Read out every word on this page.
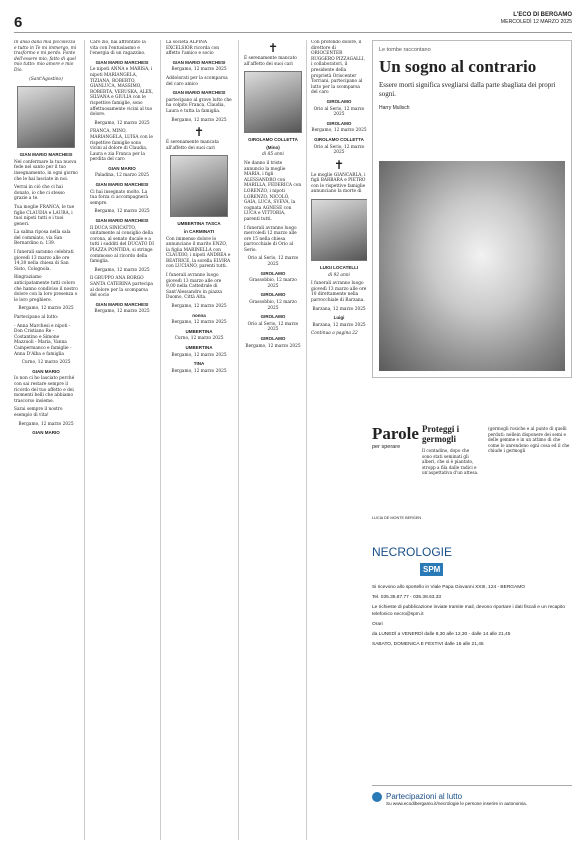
6	L'ECO DI BERGAMO
MERCOLEDÌ 12 MARZO 2025

In ansa dalla mia piccolezza e tutto in Te mi immergo, mi trasformo e mi perdo. Fonte dell'essere mio, fatto di quel mio tutto: mio amore e mio Dio.

(Sant'Agostino)

GIAN MARIO MARCHESI

Nel confermare la tua nuova fede nel santo per il tuo insegnamento, in ogni giorno che le hai lasciate in noi.

Verrai in ciò che ci hai donato, io che ci stesso grazie a te.

Tua moglie FRANCA, le tue figlie CLAUDIA e LAURA, i tuoi nipoti tutti e i tuoi generi.

La salma riposa nella sala del commiato, via San Bernardino n. 139.

I funerali saranno celebrati giovedì 13 marzo alle ore 14,30 nella chiesa di San Sisto, Colognola.

Ringraziamo anticipatamente tutti coloro che hanno condiviso il nostro dolore con la loro presenza o le loro preghiere.

Bergamo, 12 marzo 2025

Partecipano al lutto:

- Anna Marchesi e nipoti - Don Cristiano Re - Costantino e Simone Mazzuoli - Maria, Vanna Campermanco e famiglie - Anna D'Alba e famiglia

Curno, 12 marzo 2025

GIAN MARIO

Io non ci ho lasciato perché con sai restare sempre il ricordo del tuo affetto e dei momenti belli che abbiamo trascorso insieme.

Sarai sempre il nostro esempio di vita!

Bergamo, 12 marzo 2025

GIAN MARIO

Caro zio, hai affrontato la vita con l'entusiasmo e l'energia di un ragazzino.

GIAN MARIO MARCHESI

Le nipoti ANNA e MARISA, i nipoti MARIANGELA, TIZIANA, ROBERTO, GIANLUCA, MASSIMO, ROBERTA, VERUSKA, ALEX, SILVANA e GIULIA con le rispettive famiglie, sono affettuosamente vicini al tuo dolore.

Bergamo, 12 marzo 2025

FRANCA, MINO, MARIANGELA, LUISA con le rispettive famiglie sono vicini al dolore di Claudia, Laura e zia Franca per la perdita del caro

GIAN MARIO

Paladina, 12 marzo 2025

GIAN MARIO MARCHESI

Ci hai insegnato molto. La tua forza ci accompagnerà sempre.

Bergamo, 12 marzo 2025

GIAN MARIO MARCHESI

Il DUCA SINICATTO, unitamente al consiglio della corona, al senato ducale e a tutti i sudditi del DUCATO DI PIAZZA PONTIDA, si stringe commosso al ricordo della famiglia.

Bergamo, 12 marzo 2025

Il GRUPPO ANA BORGO SANTA CATERINA partecipa al dolore per la scomparsa del socio

GIAN MARIO MARCHESI

Bergamo, 12 marzo 2025

La società ALPINA EXCELSIOR ricorda con affetto l'amico e socio

GIAN MARIO MARCHESI

Bergamo, 12 marzo 2025

Addolorati per la scomparsa del caro amico

GIAN MARIO MARCHESI

partecipano al grave lutto che ha colpito Franca, Claudia, Laura e tutta la famiglia.

Bergamo, 12 marzo 2025

✝

È serenamente mancata all'affetto dei suoi cari

UMBERTINA TASCA
in CARMINATI

Con immenso dolore lo annunciano il marito ENZO, la figlia MARINELLA con CLAUDIO, i nipoti ANDREA e BEATRICE, la sorella ELVIRA con LUCIANO, parenti tutti.

I funerali avranno luogo giovedì 13 marzo alle ore 9,00 nella Cattedrale di Sant'Alessandro in piazza Duomo, Città Alta.

Bergamo, 12 marzo 2025

nonna

Bergamo, 12 marzo 2025

UMBERTINA

Curno, 12 marzo 2025

UMBERTINA

Bergamo, 12 marzo 2025

TINA

Bergamo, 12 marzo 2025

✝

È serenamente mancato all'affetto dei suoi cari

GIROLAMO COLLETTA
(Mino)

di 85 anni

Ne danno il triste annuncio la moglie MARIA, i figli ALESSANDRO con MARILLA, FEDERICA con LORENZO, i nipoti LORENZO, NICOLÒ, GAIA, LUCA, SVEVA, la cognata AGNESE con LUCA e VITTORIA, parenti tutti.

I funerali avranno luogo mercoledì 12 marzo alle ore 15 nella chiesa parrocchiale di Orio al Serio.

Orio al Serio, 12 marzo 2025

GIROLAMO

Grassobbio, 12 marzo 2025

GIROLAMO

Grassobbio, 12 marzo 2025

GIROLAMO

Orio al Serio, 12 marzo 2025

GIROLAMO

Bergamo, 12 marzo 2025

Con profondo dolore, il direttore di ORIOCENTER RUGGERO PIZZAGALLI, i collaboratori, il presidente della proprietà Oriocenter Torriani, partecipano al lutto per la scomparsa del caro

GIROLAMO

Orio al Serio, 12 marzo 2025

GIROLAMO

Bergamo, 12 marzo 2025

GIROLAMO COLLETTA

Orio al Serio, 12 marzo 2025

✝

Le moglie GIANCARLA, i figli BARBARA e PIETRO con le rispettive famiglie annunciano la morte di

LUIGI LOCATELLI

di 92 anni

I funerali avranno luogo giovedì 13 marzo alle ore 10 direttamente nella parrocchiale di Barzana.

Barzana, 12 marzo 2025

Luigi

Barzana, 12 marzo 2025

Continua a pagina 22

Le tombe raccontano
Un sogno al contrario
Essere morti significa svegliarsi dalla parte sbagliata dei propri sogni.
Harry Mulisch
Parole
per sperare
LUCIA DE MONTE BERGEN
Proteggi i germogli
Il contadino, dopo che sono stati seminati gli alberi, che si è piantato, stropp a fila dalle radici e un'aspettativa d'un attesa.
(germogli rosiche e al punto di quelli perduti: nellein disponere dei semi e delle gemme e in un attimo di che come lo anrendono ogni cosa ed il che chiude i germogli
NECROLOGIE
SPM

Si ricevono allo sportello in Viale Papa Giovanni XXIII, 124 - BERGAMO

Tel. 035.35.87.77 - 035.38.63.33

Le richieste di pubblicazione inviate tramite mail, devono riportare i dati fiscali e un recapito telefonico necro@spm.it

Orari

da LUNEDÌ a VENERDÌ dalle 8,30 alle 12,30 - dalle 14 alle 21,45

SABATO, DOMENICA E FESTIVI dalle 16 alle 21,45

Partecipazioni al lutto
Su www.ecodibergamo.it/necrologie le persone inserire in autonomia.
